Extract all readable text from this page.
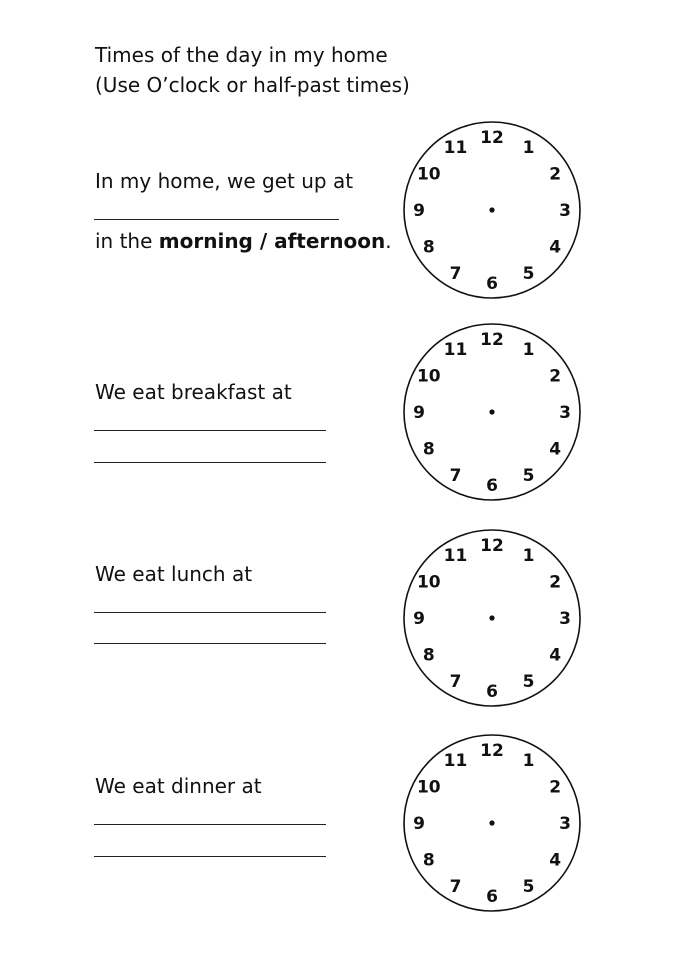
Times of the day in my home
(Use O’clock or half-past times)
In my home, we get up at
in the morning / afternoon.
12 1
2
3
4
5
6
7
8
9
10
11
We eat breakfast at
12 1
2
3
4
5
6
7
8
9
10
11
We eat lunch at
12 1
2
3
4
5
6
7
8
9
10
11
We eat dinner at
12 1
2
3
4
5
6
7
8
9
10
11
